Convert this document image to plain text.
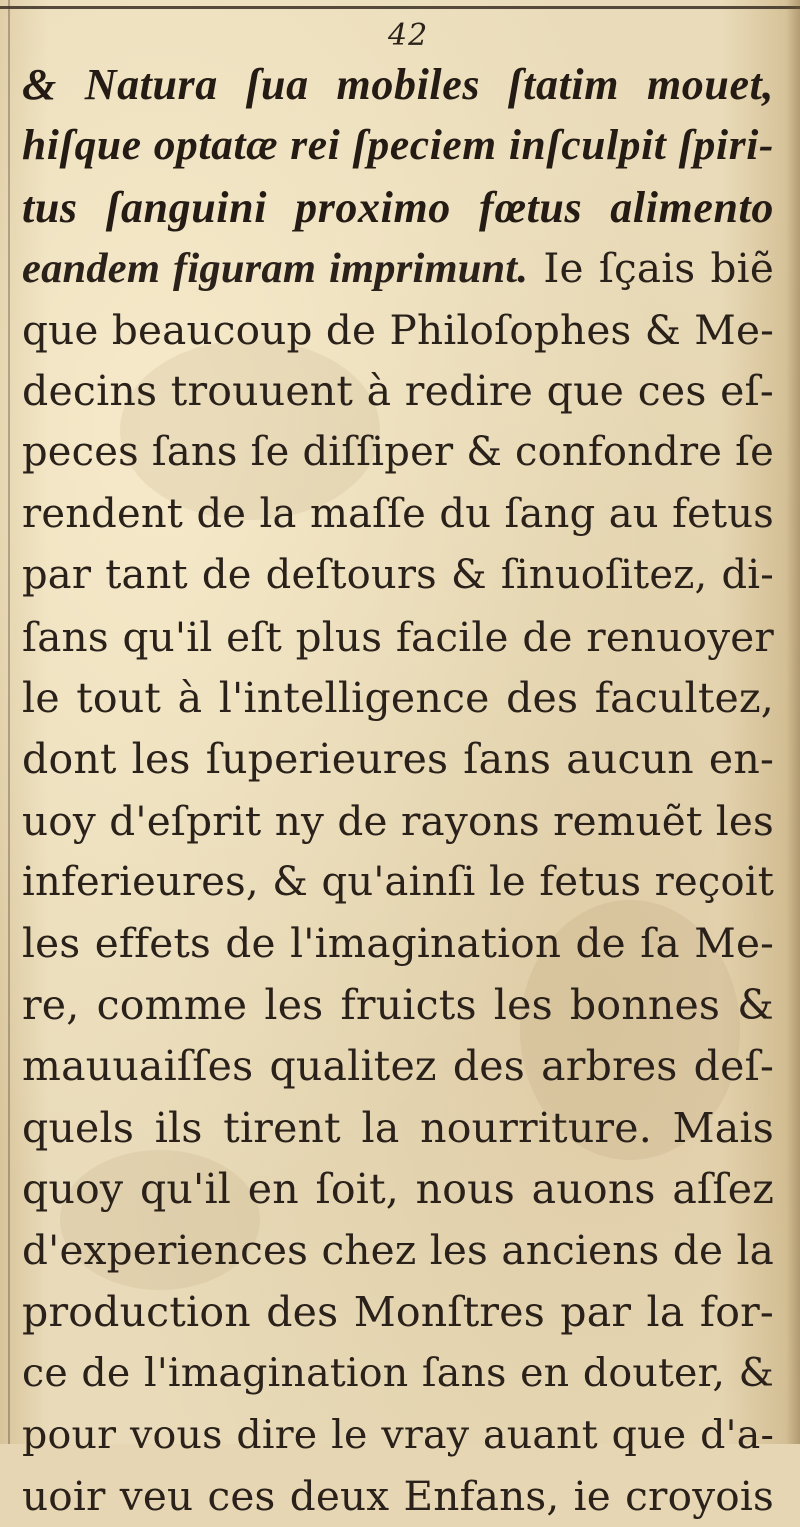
42
& Natura ſua mobiles ſtatim mouet,
hiſque optatæ rei ſpeciem inſculpit ſpiri-
tus ſanguini proximo fœtus alimento
eandem figuram imprimunt. Ie ſçais biẽ
que beaucoup de Philoſophes & Me-
decins trouuent à redire que ces eſ-
peces ſans ſe diſſiper & confondre ſe
rendent de la maſſe du ſang au fetus
par tant de deſtours & ſinuoſitez, di-
ſans qu'il eſt plus facile de renuoyer
le tout à l'intelligence des facultez,
dont les ſuperieures ſans aucun en-
uoy d'eſprit ny de rayons remuẽt les
inferieures, & qu'ainſi le fetus reçoit
les effets de l'imagination de ſa Me-
re, comme les fruicts les bonnes &
mauuaiſſes qualitez des arbres deſ-
quels ils tirent la nourriture. Mais
quoy qu'il en ſoit, nous auons aſſez
d'experiences chez les anciens de la
production des Monſtres par la for-
ce de l'imagination ſans en douter, &
pour vous dire le vray auant que d'a-
uoir veu ces deux Enfans, ie croyois
